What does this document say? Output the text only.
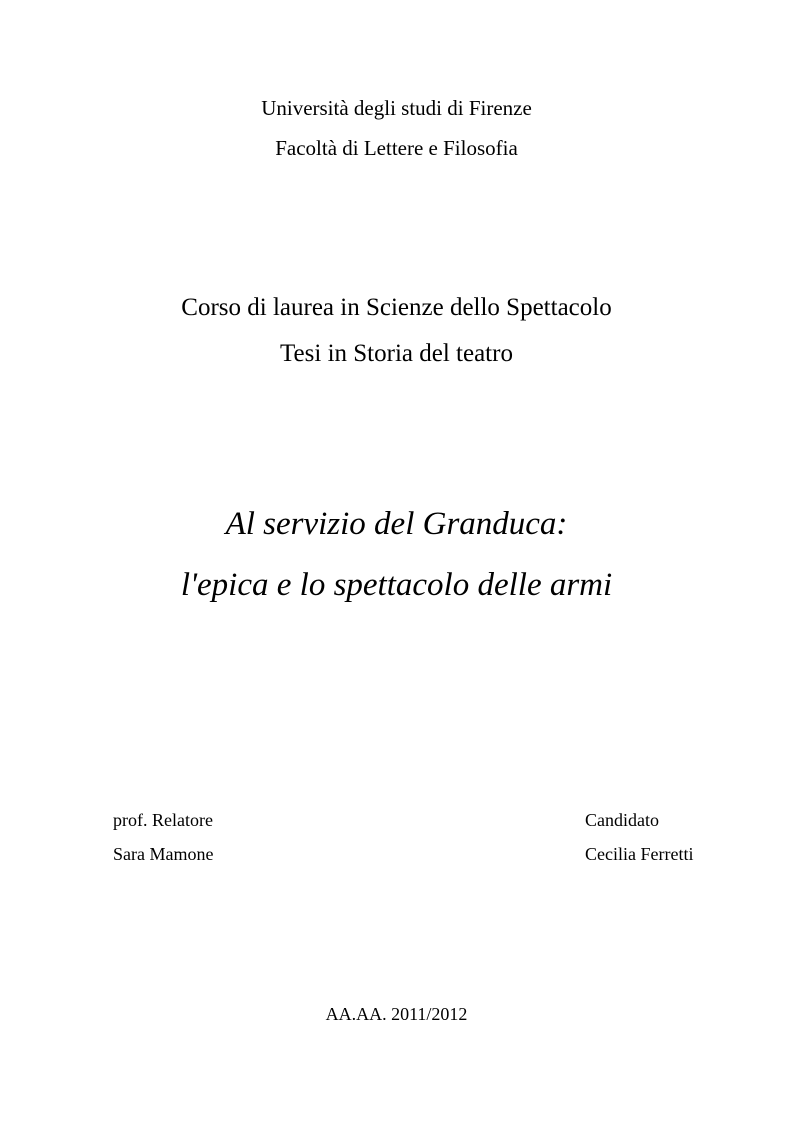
Università degli studi di Firenze
Facoltà di Lettere e Filosofia
Corso di laurea in Scienze dello Spettacolo
Tesi in Storia del teatro
Al servizio del Granduca:
l'epica e lo spettacolo delle armi
prof. Relatore
Sara Mamone
Candidato
Cecilia Ferretti
AA.AA. 2011/2012
